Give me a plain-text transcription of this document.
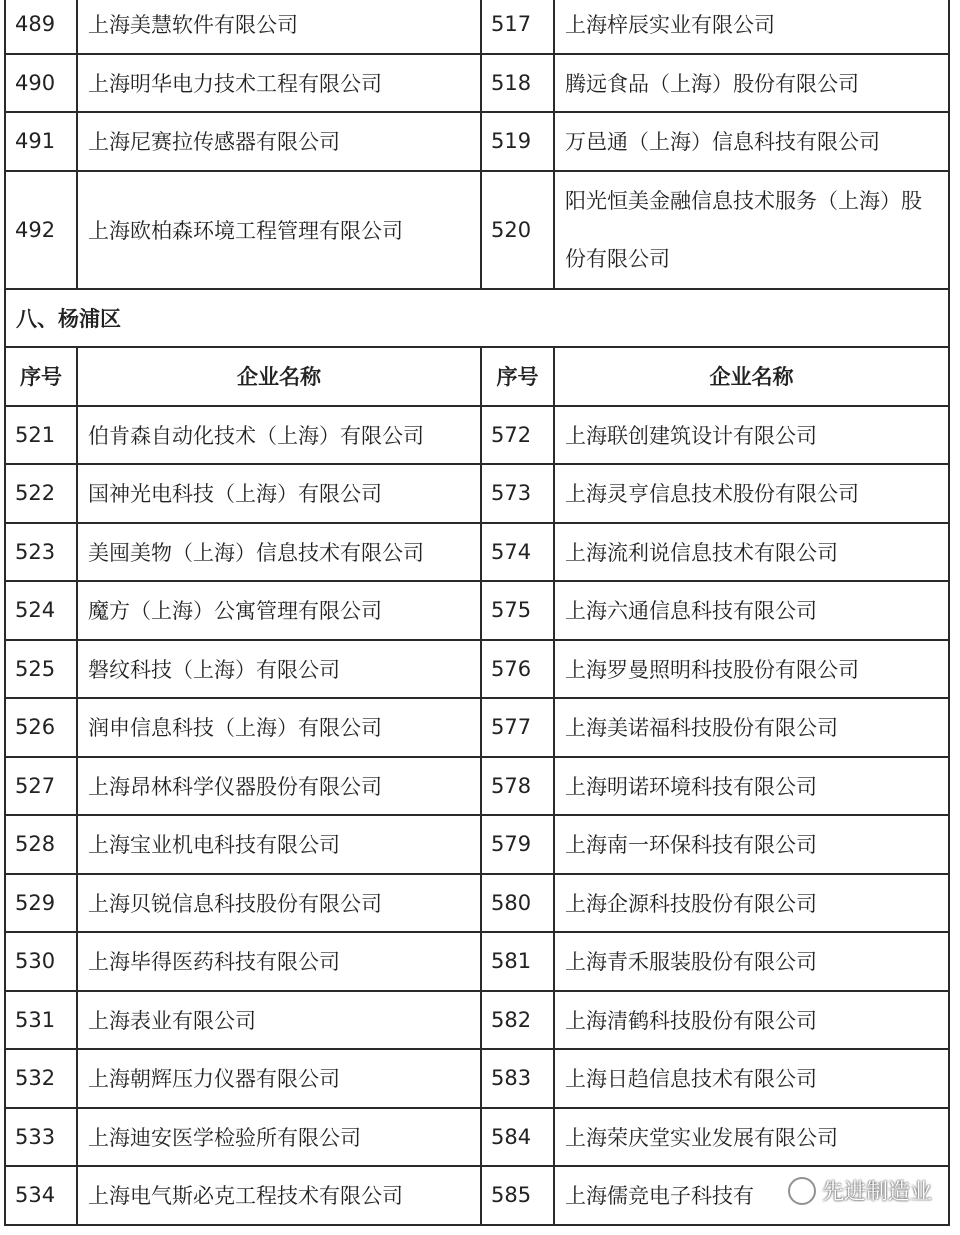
489	上海美慧软件有限公司	517	上海梓辰实业有限公司
490	上海明华电力技术工程有限公司	518	腾远食品（上海）股份有限公司
491	上海尼赛拉传感器有限公司	519	万邑通（上海）信息科技有限公司
492	上海欧柏森环境工程管理有限公司	520	阳光恒美金融信息技术服务（上海）股份有限公司
八、杨浦区			
序号	企业名称	序号	企业名称
521	伯肯森自动化技术（上海）有限公司	572	上海联创建筑设计有限公司
522	国神光电科技（上海）有限公司	573	上海灵亨信息技术股份有限公司
523	美囤美物（上海）信息技术有限公司	574	上海流利说信息技术有限公司
524	魔方（上海）公寓管理有限公司	575	上海六通信息科技有限公司
525	磐纹科技（上海）有限公司	576	上海罗曼照明科技股份有限公司
526	润申信息科技（上海）有限公司	577	上海美诺福科技股份有限公司
527	上海昂林科学仪器股份有限公司	578	上海明诺环境科技有限公司
528	上海宝业机电科技有限公司	579	上海南一环保科技有限公司
529	上海贝锐信息科技股份有限公司	580	上海企源科技股份有限公司
530	上海毕得医药科技有限公司	581	上海青禾服装股份有限公司
531	上海表业有限公司	582	上海清鹤科技股份有限公司
532	上海朝辉压力仪器有限公司	583	上海日趋信息技术有限公司
533	上海迪安医学检验所有限公司	584	上海荣庆堂实业发展有限公司
534	上海电气斯必克工程技术有限公司	585	上海儒竞电子科技有	先进制造业
